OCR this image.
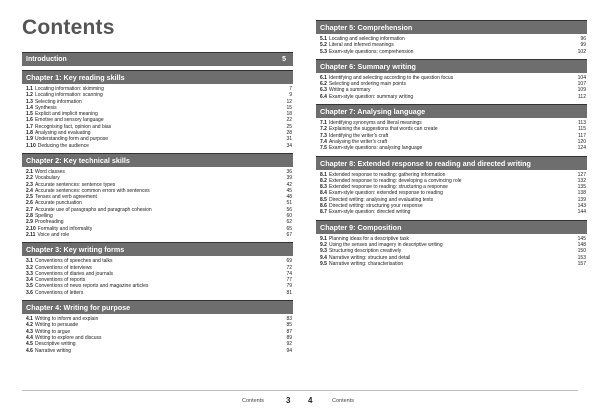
Contents
Introduction	5
Chapter 1: Key reading skills
1.1 Locating information: skimming	7
1.2 Locating information: scanning	9
1.3 Selecting information	12
1.4 Synthesis	15
1.5 Explicit and implicit meaning	18
1.6 Emotive and sensory language	22
1.7 Recognising fact, opinion and bias	25
1.8 Analysing and evaluating	28
1.9 Understanding form and purpose	31
1.10 Deducing the audience	34
Chapter 2: Key technical skills
2.1 Word classes	36
2.2 Vocabulary	39
2.3 Accurate sentences: sentence types	42
2.4 Accurate sentences: common errors with sentences	45
2.5 Tenses and verb agreement	48
2.6 Accurate punctuation	51
2.7 Accurate use of paragraphs and paragraph cohesion	56
2.8 Spelling	60
2.9 Proofreading	62
2.10 Formality and informality	65
2.11 Voice and role	67
Chapter 3: Key writing forms
3.1 Conventions of speeches and talks	69
3.2 Conventions of interviews	72
3.3 Conventions of diaries and journals	74
3.4 Conventions of reports	77
3.5 Conventions of news reports and magazine articles	79
3.6 Conventions of letters	81
Chapter 4: Writing for purpose
4.1 Writing to inform and explain	83
4.2 Writing to persuade	85
4.3 Writing to argue	87
4.4 Writing to explore and discuss	89
4.5 Descriptive writing	92
4.6 Narrative writing	94
Chapter 5: Comprehension
5.1 Locating and selecting information	96
5.2 Literal and inferred meanings	99
5.3 Exam-style questions: comprehension	102
Chapter 6: Summary writing
6.1 Identifying and selecting according to the question focus	104
6.2 Selecting and ordering main points	107
6.3 Writing a summary	109
6.4 Exam-style question: summary writing	112
Chapter 7: Analysing language
7.1 Identifying synonyms and literal meanings	113
7.2 Explaining the suggestions that words can create	115
7.3 Identifying the writer's craft	117
7.4 Analysing the writer's craft	120
7.5 Exam-style questions: analysing language	124
Chapter 8: Extended response to reading and directed writing
8.1 Extended response to reading: gathering information	127
8.2 Extended response to reading: developing a convincing role	132
8.3 Extended response to reading: structuring a response	135
8.4 Exam-style question: extended response to reading	138
8.5 Directed writing: analysing and evaluating texts	139
8.6 Directed writing: structuring your response	143
8.7 Exam-style question: directed writing	144
Chapter 9: Composition
9.1 Planning ideas for a descriptive task	145
9.2 Using the senses and imagery in descriptive writing	148
9.3 Structuring description creatively	150
9.4 Narrative writing: structure and detail	153
9.5 Narrative writing: characterisation	157
Contents	3 4	Contents
